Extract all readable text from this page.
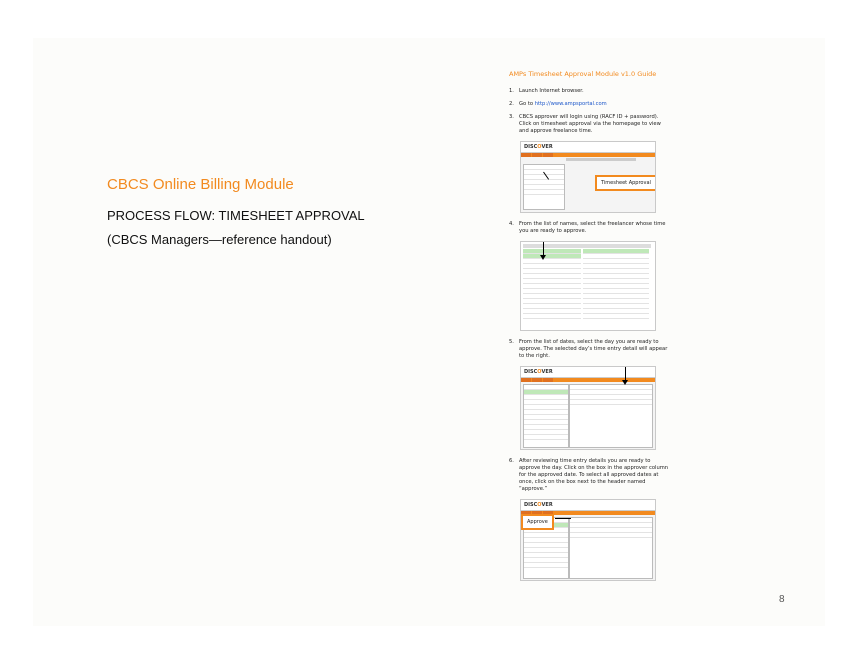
CBCS Online Billing Module
PROCESS FLOW: TIMESHEET APPROVAL
(CBCS Managers—reference handout)
AMPs Timesheet Approval Module v1.0 Guide
1. Launch Internet browser.
2. Go to http://www.ampsportal.com
3. CBCS approver will login using (RACF ID + password). Click on timesheet approval via the homepage to view and approve freelance time.
DISCOVER
Timesheet Approval
4. From the list of names, select the freelancer whose time you are ready to approve.
5. From the list of dates, select the day you are ready to approve. The selected day’s time entry detail will appear to the right.
DISCOVER
6. After reviewing time entry details you are ready to approve the day. Click on the box in the approver column for the approved date. To select all approved dates at once, click on the box next to the header named “approve.”
DISCOVER
Approve
8
